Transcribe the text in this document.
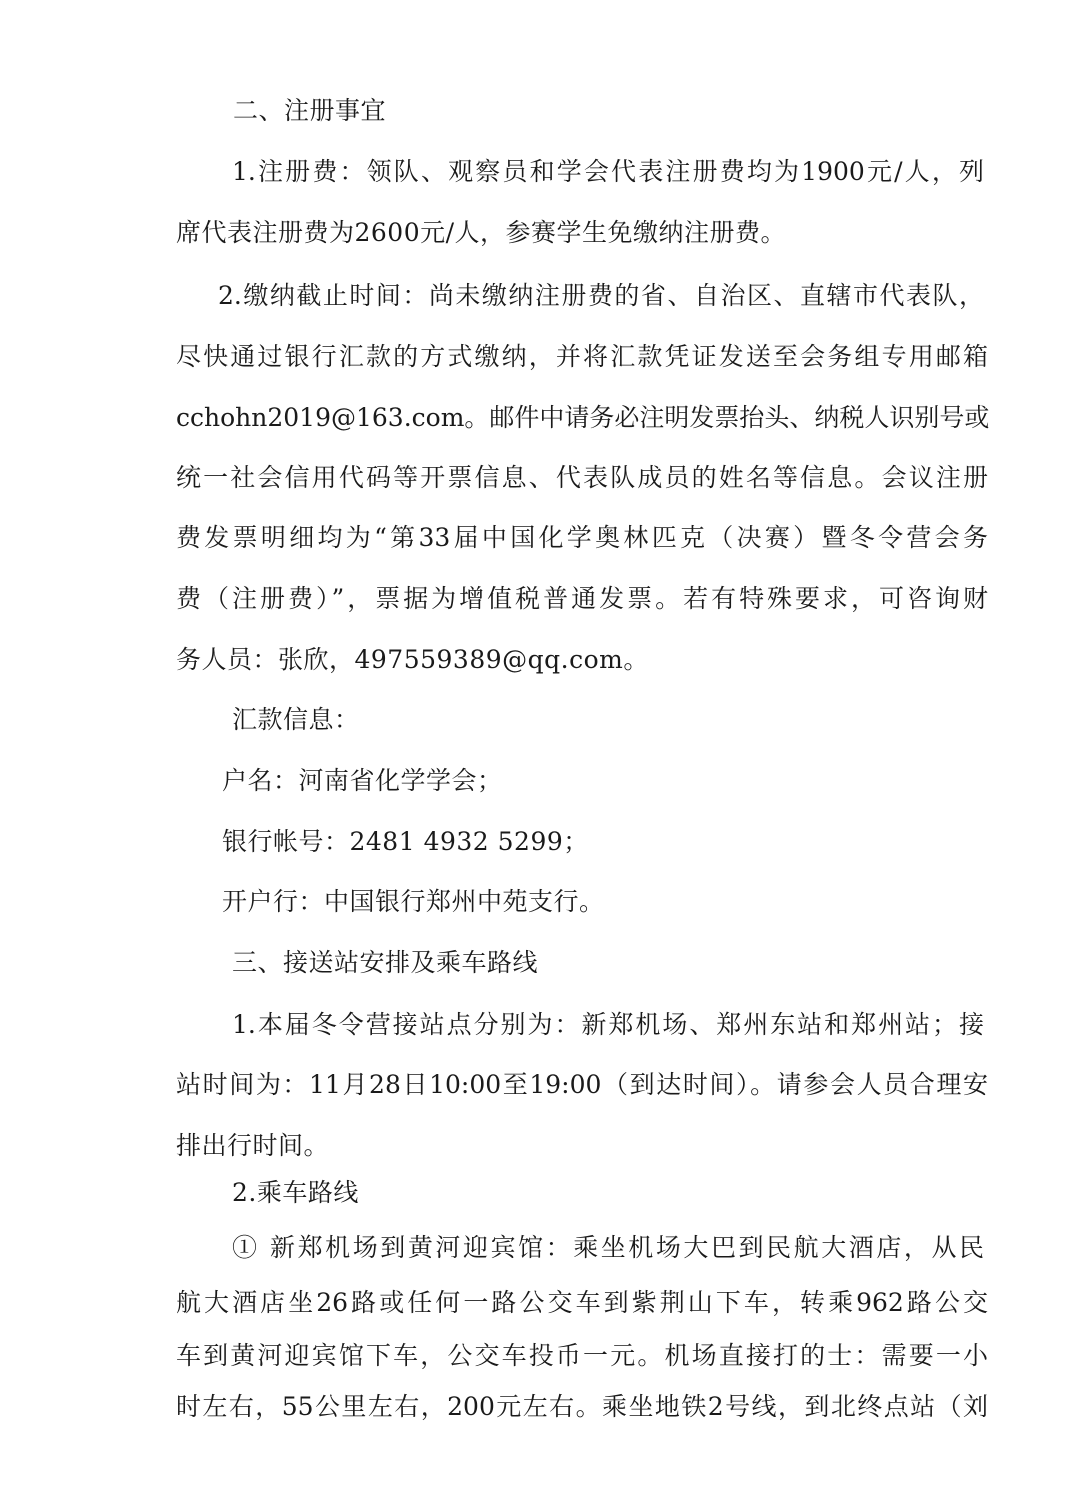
二、注册事宜
1.注册费：领队、观察员和学会代表注册费均为1900元/人，列
席代表注册费为2600元/人，参赛学生免缴纳注册费。
2.缴纳截止时间：尚未缴纳注册费的省、自治区、直辖市代表队，
尽快通过银行汇款的方式缴纳，并将汇款凭证发送至会务组专用邮箱
cchohn2019@163.com。邮件中请务必注明发票抬头、纳税人识别号或
统一社会信用代码等开票信息、代表队成员的姓名等信息。会议注册
费发票明细均为“第33届中国化学奥林匹克（决赛）暨冬令营会务
费（注册费）”，票据为增值税普通发票。若有特殊要求，可咨询财
务人员：张欣，497559389@qq.com。
汇款信息：
户名：河南省化学学会；
银行帐号：2481 4932 5299；
开户行：中国银行郑州中苑支行。
三、接送站安排及乘车路线
1.本届冬令营接站点分别为：新郑机场、郑州东站和郑州站；接
站时间为：11月28日10:00至19:00（到达时间）。请参会人员合理安
排出行时间。
2.乘车路线
① 新郑机场到黄河迎宾馆：乘坐机场大巴到民航大酒店，从民
航大酒店坐26路或任何一路公交车到紫荆山下车，转乘962路公交
车到黄河迎宾馆下车，公交车投币一元。机场直接打的士：需要一小
时左右，55公里左右，200元左右。乘坐地铁2号线，到北终点站（刘
